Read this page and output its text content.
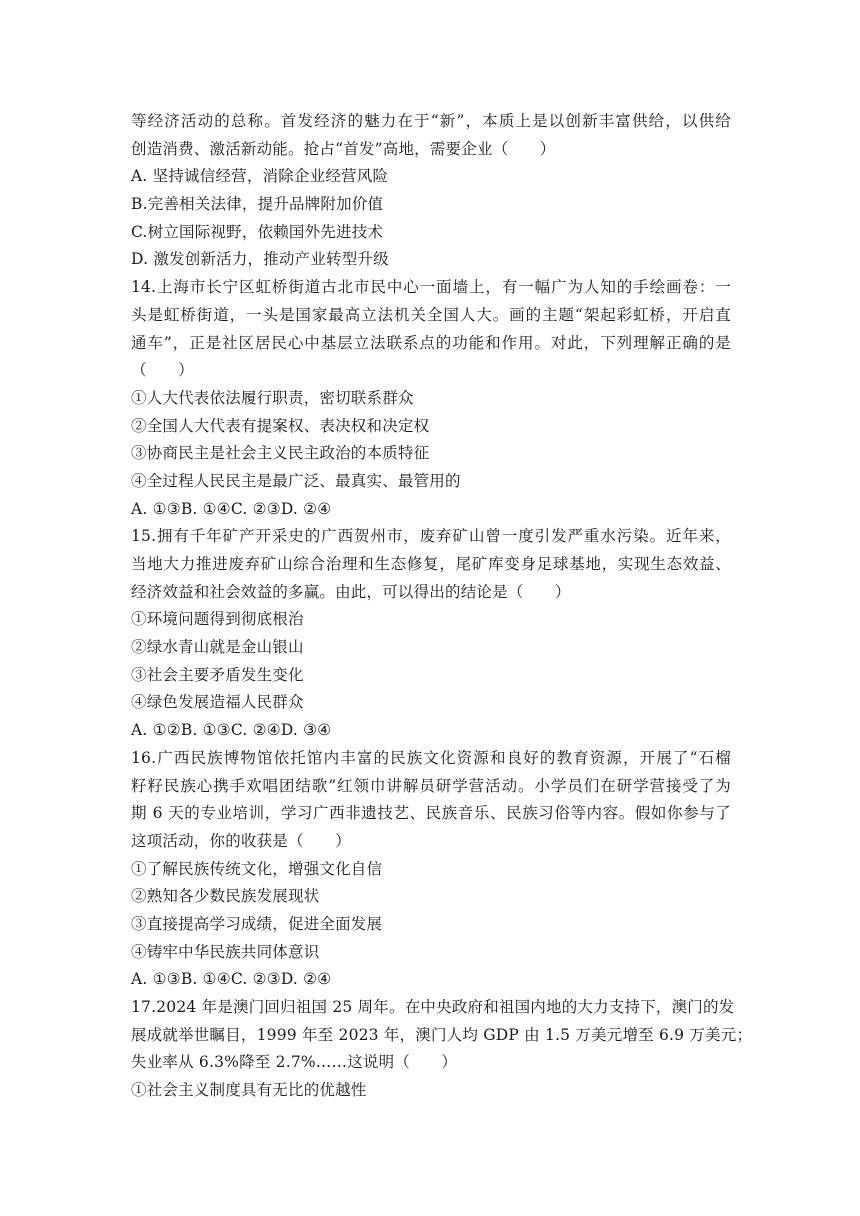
等经济活动的总称。首发经济的魅力在于“新”，本质上是以创新丰富供给，以供给
创造消费、激活新动能。抢占“首发”高地，需要企业（　　）
A. 坚持诚信经营，消除企业经营风险
B.完善相关法律，提升品牌附加价值
C.树立国际视野，依赖国外先进技术
D. 激发创新活力，推动产业转型升级
14.上海市长宁区虹桥街道古北市民中心一面墙上，有一幅广为人知的手绘画卷：一
头是虹桥街道，一头是国家最高立法机关全国人大。画的主题“架起彩虹桥，开启直
通车”，正是社区居民心中基层立法联系点的功能和作用。对此，下列理解正确的是
（　　）
①人大代表依法履行职责，密切联系群众
②全国人大代表有提案权、表决权和决定权
③协商民主是社会主义民主政治的本质特征
④全过程人民民主是最广泛、最真实、最管用的
A. ①③B. ①④C. ②③D. ②④
15.拥有千年矿产开采史的广西贺州市，废弃矿山曾一度引发严重水污染。近年来，
当地大力推进废弃矿山综合治理和生态修复，尾矿库变身足球基地，实现生态效益、
经济效益和社会效益的多赢。由此，可以得出的结论是（　　）
①环境问题得到彻底根治
②绿水青山就是金山银山
③社会主要矛盾发生变化
④绿色发展造福人民群众
A. ①②B. ①③C. ②④D. ③④
16.广西民族博物馆依托馆内丰富的民族文化资源和良好的教育资源，开展了“石榴
籽籽民族心携手欢唱团结歌”红领巾讲解员研学营活动。小学员们在研学营接受了为
期 6 天的专业培训，学习广西非遗技艺、民族音乐、民族习俗等内容。假如你参与了
这项活动，你的收获是（　　）
①了解民族传统文化，增强文化自信
②熟知各少数民族发展现状
③直接提高学习成绩，促进全面发展
④铸牢中华民族共同体意识
A. ①③B. ①④C. ②③D. ②④
17.2024 年是澳门回归祖国 25 周年。在中央政府和祖国内地的大力支持下，澳门的发
展成就举世瞩目，1999 年至 2023 年，澳门人均 GDP 由 1.5 万美元增至 6.9 万美元；
失业率从 6.3%降至 2.7%……这说明（　　）
①社会主义制度具有无比的优越性
